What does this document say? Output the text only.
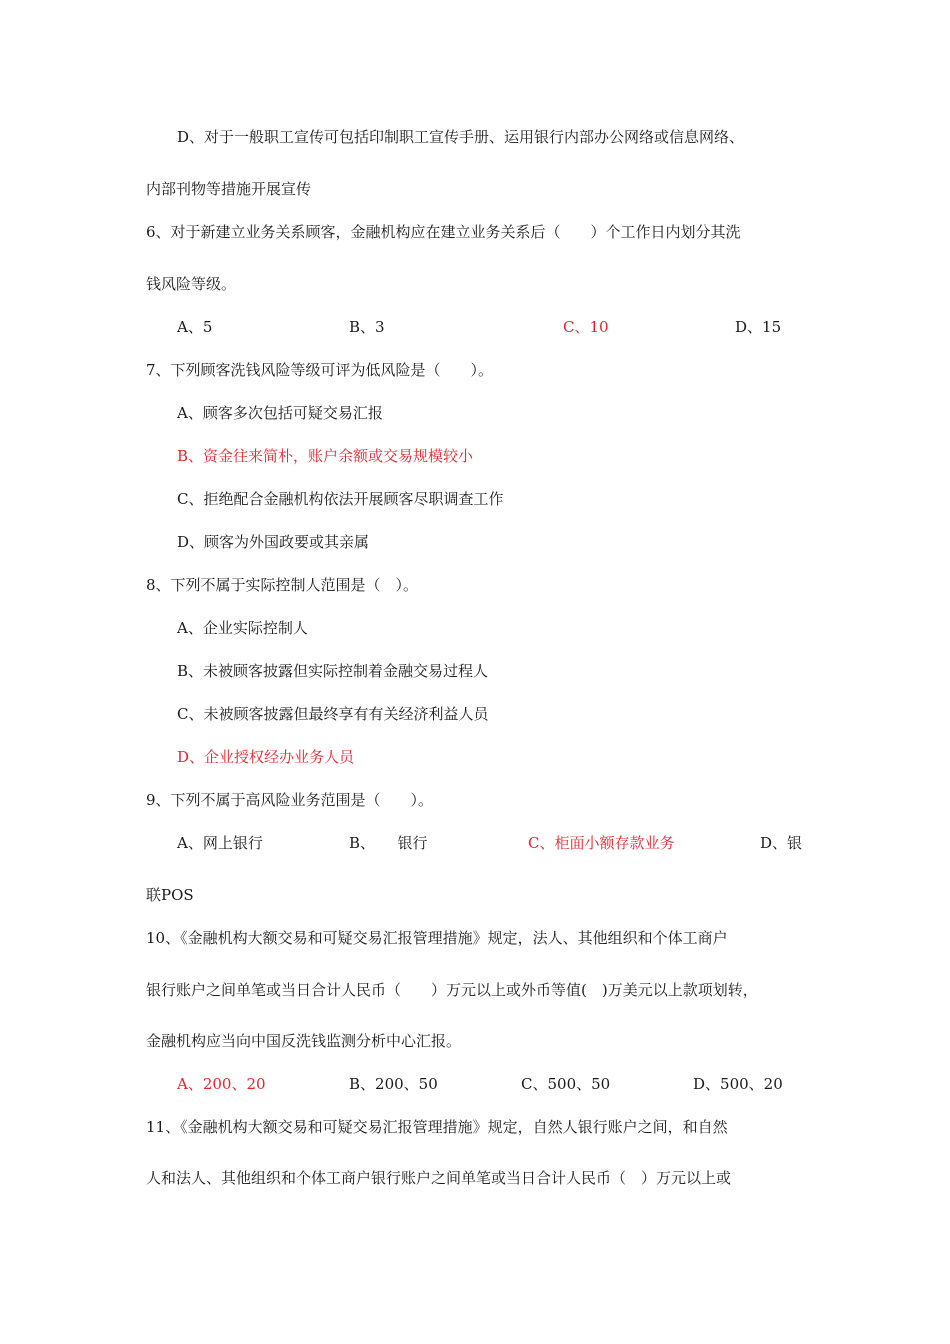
D、对于一般职工宣传可包括印制职工宣传手册、运用银行内部办公网络或信息网络、
内部刊物等措施开展宣传
6、对于新建立业务关系顾客，金融机构应在建立业务关系后（　　）个工作日内划分其洗
钱风险等级。
A、5	B、3	C、10	D、15
7、下列顾客洗钱风险等级可评为低风险是（　　）。
A、顾客多次包括可疑交易汇报
B、资金往来简朴，账户余额或交易规模较小
C、拒绝配合金融机构依法开展顾客尽职调查工作
D、顾客为外国政要或其亲属
8、下列不属于实际控制人范围是（　）。
A、企业实际控制人
B、未被顾客披露但实际控制着金融交易过程人
C、未被顾客披露但最终享有有关经济利益人员
D、企业授权经办业务人员
9、下列不属于高风险业务范围是（　　）。
A、网上银行	B、　　银行	C、柜面小额存款业务	D、银
联POS
10、《金融机构大额交易和可疑交易汇报管理措施》规定，法人、其他组织和个体工商户
银行账户之间单笔或当日合计人民币（　　）万元以上或外币等值(　)万美元以上款项划转，
金融机构应当向中国反洗钱监测分析中心汇报。
A、200、20	B、200、50	C、500、50	D、500、20
11、《金融机构大额交易和可疑交易汇报管理措施》规定，自然人银行账户之间，和自然
人和法人、其他组织和个体工商户银行账户之间单笔或当日合计人民币（　）万元以上或
